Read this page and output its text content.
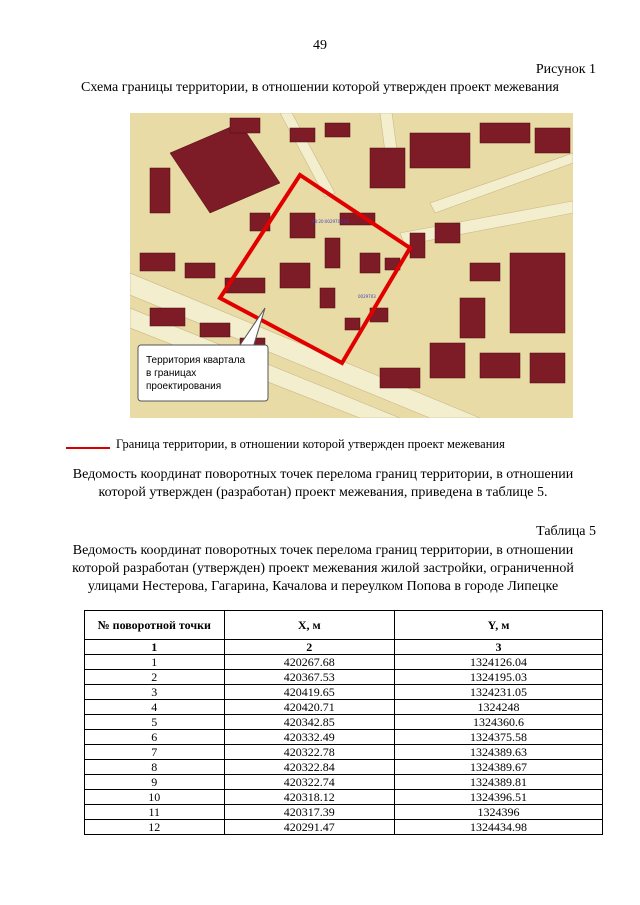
49
Рисунок 1
Схема границы территории, в отношении которой утвержден проект межевания
48:20:0029703:61
0029703
Территория квартала
в границах
проектирования
Граница территории, в отношении которой утвержден проект межевания
Ведомость координат поворотных точек перелома границ территории, в отношении которой утвержден (разработан) проект межевания, приведена в таблице 5.
Таблица 5
Ведомость координат поворотных точек перелома границ территории, в отношении которой разработан (утвержден) проект межевания жилой застройки, ограниченной улицами Нестерова, Гагарина, Качалова и переулком Попова в городе Липецке
№ поворотной точки	X, м	Y, м
1	2	3
1	420267.68	1324126.04
2	420367.53	1324195.03
3	420419.65	1324231.05
4	420420.71	1324248
5	420342.85	1324360.6
6	420332.49	1324375.58
7	420322.78	1324389.63
8	420322.84	1324389.67
9	420322.74	1324389.81
10	420318.12	1324396.51
11	420317.39	1324396
12	420291.47	1324434.98
